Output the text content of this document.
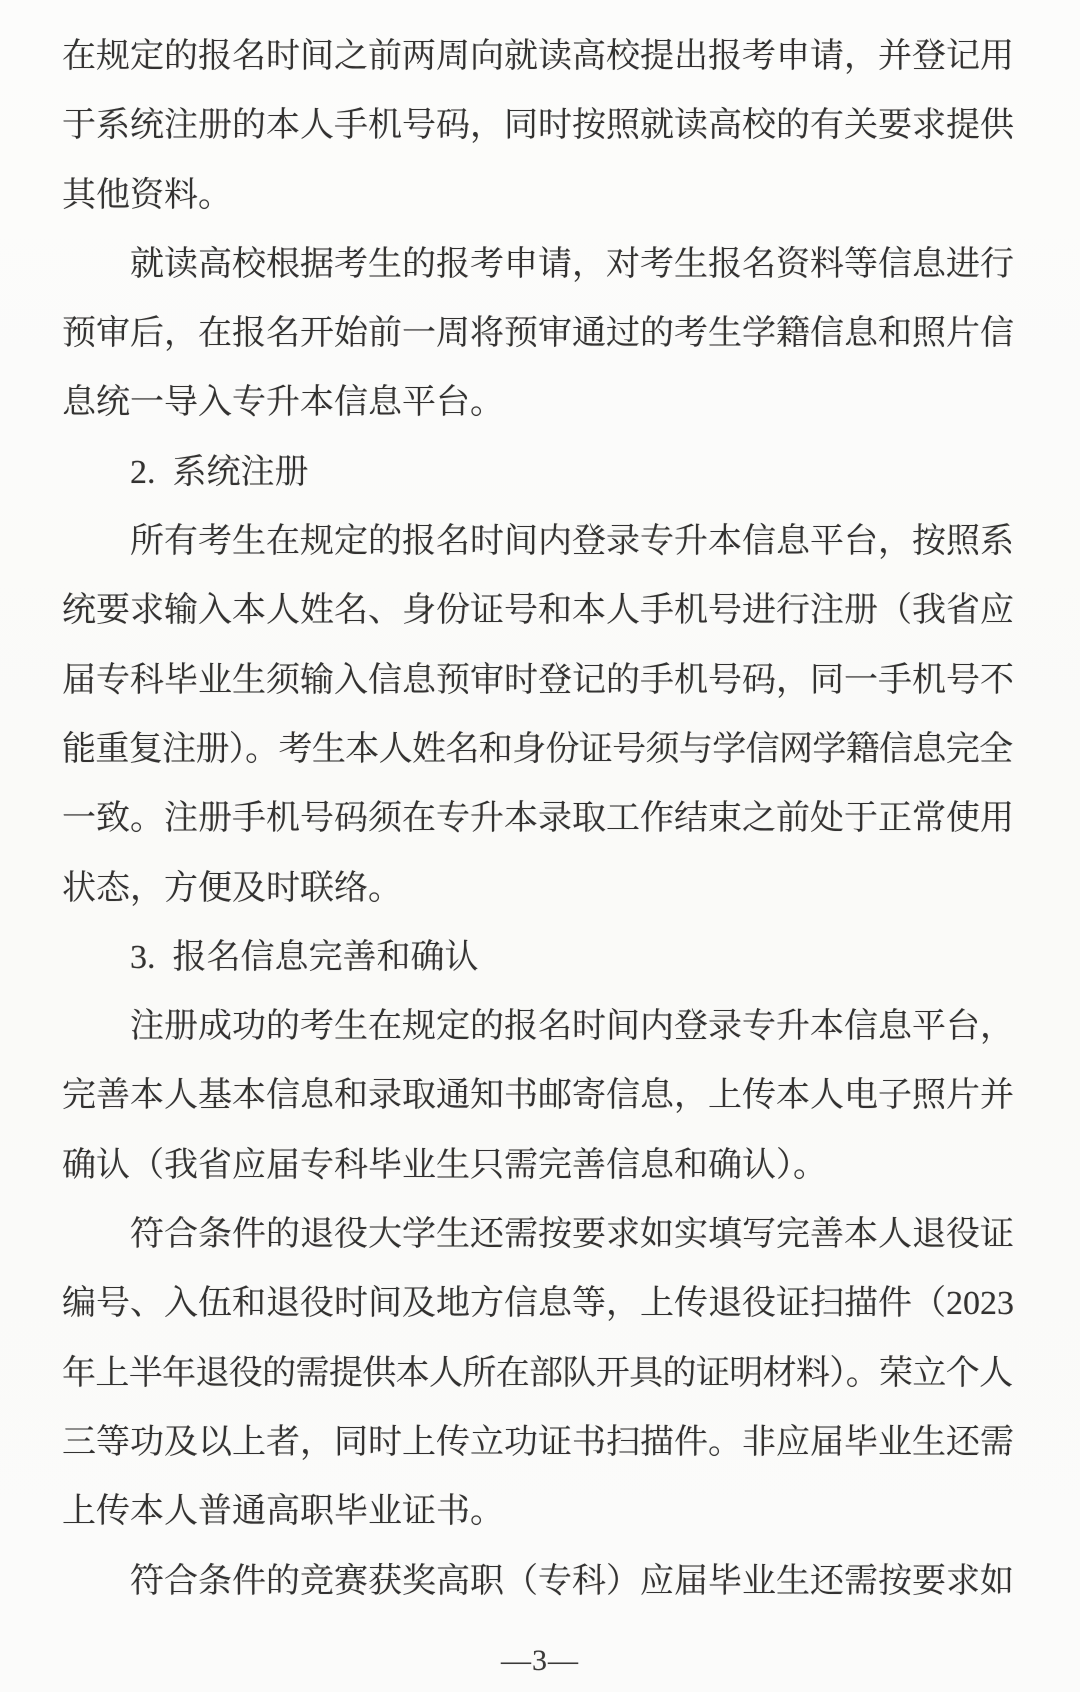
在规定的报名时间之前两周向就读高校提出报考申请，并登记用
于系统注册的本人手机号码，同时按照就读高校的有关要求提供
其他资料。
就读高校根据考生的报考申请，对考生报名资料等信息进行
预审后，在报名开始前一周将预审通过的考生学籍信息和照片信
息统一导入专升本信息平台。
2.  系统注册
所有考生在规定的报名时间内登录专升本信息平台，按照系
统要求输入本人姓名、身份证号和本人手机号进行注册（我省应
届专科毕业生须输入信息预审时登记的手机号码，同一手机号不
能重复注册）。考生本人姓名和身份证号须与学信网学籍信息完全
一致。注册手机号码须在专升本录取工作结束之前处于正常使用
状态，方便及时联络。
3.  报名信息完善和确认
注册成功的考生在规定的报名时间内登录专升本信息平台，
完善本人基本信息和录取通知书邮寄信息，上传本人电子照片并
确认（我省应届专科毕业生只需完善信息和确认）。
符合条件的退役大学生还需按要求如实填写完善本人退役证
编号、入伍和退役时间及地方信息等，上传退役证扫描件（2023
年上半年退役的需提供本人所在部队开具的证明材料）。荣立个人
三等功及以上者，同时上传立功证书扫描件。非应届毕业生还需
上传本人普通高职毕业证书。
符合条件的竞赛获奖高职（专科）应届毕业生还需按要求如
—3—
